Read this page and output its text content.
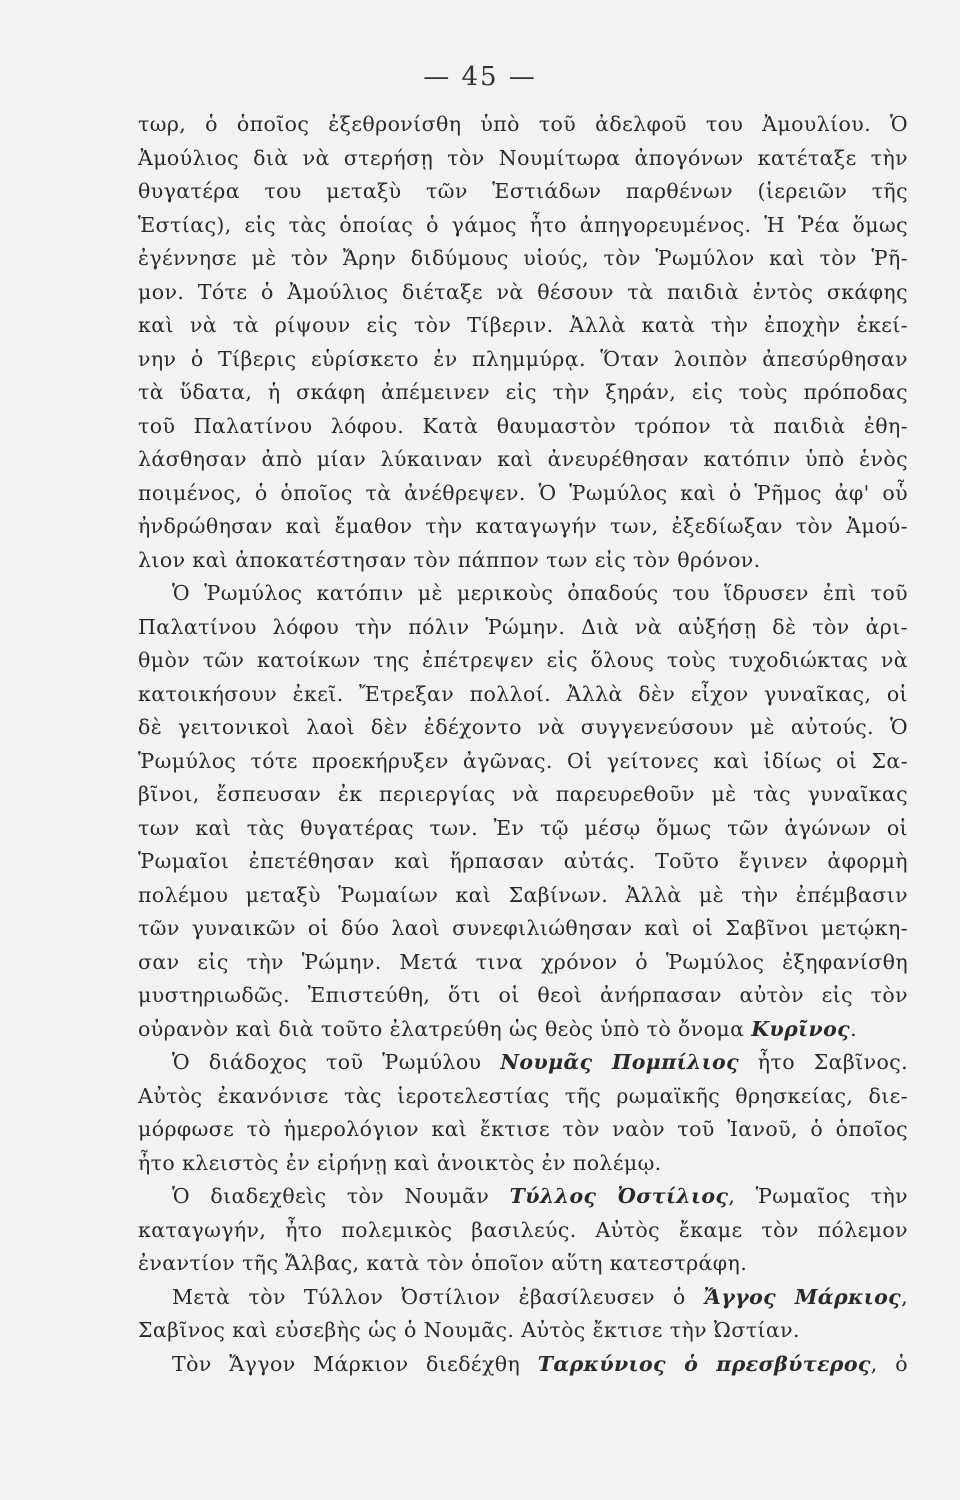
— 45 —
τωρ, ὁ ὁποῖος ἐξεθρονίσθη ὑπὸ τοῦ ἀδελφοῦ του Ἀμουλίου. Ὁ
Ἀμούλιος διὰ νὰ στερήσῃ τὸν Νουμίτωρα ἀπογόνων κατέταξε τὴν
θυγατέρα του μεταξὺ τῶν Ἑστιάδων παρθένων (ἱερειῶν τῆς
Ἑστίας), εἰς τὰς ὁποίας ὁ γάμος ἦτο ἀπηγορευμένος. Ἡ Ῥέα ὅμως
ἐγέννησε μὲ τὸν Ἄρην διδύμους υἱούς, τὸν Ῥωμύλον καὶ τὸν Ῥῆ-
μον. Τότε ὁ Ἀμούλιος διέταξε νὰ θέσουν τὰ παιδιὰ ἐντὸς σκάφης
καὶ νὰ τὰ ρίψουν εἰς τὸν Τίβεριν. Ἀλλὰ κατὰ τὴν ἐποχὴν ἐκεί-
νην ὁ Τίβερις εὑρίσκετο ἐν πλημμύρᾳ. Ὅταν λοιπὸν ἀπεσύρθησαν
τὰ ὕδατα, ἡ σκάφη ἀπέμεινεν εἰς τὴν ξηράν, εἰς τοὺς πρόποδας
τοῦ Παλατίνου λόφου. Κατὰ θαυμαστὸν τρόπον τὰ παιδιὰ ἐθη-
λάσθησαν ἀπὸ μίαν λύκαιναν καὶ ἀνευρέθησαν κατόπιν ὑπὸ ἑνὸς
ποιμένος, ὁ ὁποῖος τὰ ἀνέθρεψεν. Ὁ Ῥωμύλος καὶ ὁ Ῥῆμος ἀφ' οὗ
ἠνδρώθησαν καὶ ἔμαθον τὴν καταγωγήν των, ἐξεδίωξαν τὸν Ἀμού-
λιον καὶ ἀποκατέστησαν τὸν πάππον των εἰς τὸν θρόνον.
Ὁ Ῥωμύλος κατόπιν μὲ μερικοὺς ὀπαδούς του ἵδρυσεν ἐπὶ τοῦ
Παλατίνου λόφου τὴν πόλιν Ῥώμην. Διὰ νὰ αὐξήσῃ δὲ τὸν ἀρι-
θμὸν τῶν κατοίκων της ἐπέτρεψεν εἰς ὅλους τοὺς τυχοδιώκτας νὰ
κατοικήσουν ἐκεῖ. Ἔτρεξαν πολλοί. Ἀλλὰ δὲν εἶχον γυναῖκας, οἱ
δὲ γειτονικοὶ λαοὶ δὲν ἐδέχοντο νὰ συγγενεύσουν μὲ αὐτούς. Ὁ
Ῥωμύλος τότε προεκήρυξεν ἀγῶνας. Οἱ γείτονες καὶ ἰδίως οἱ Σα-
βῖνοι, ἔσπευσαν ἐκ περιεργίας νὰ παρευρεθοῦν μὲ τὰς γυναῖκας
των καὶ τὰς θυγατέρας των. Ἐν τῷ μέσῳ ὅμως τῶν ἀγώνων οἱ
Ῥωμαῖοι ἐπετέθησαν καὶ ἥρπασαν αὐτάς. Τοῦτο ἔγινεν ἀφορμὴ
πολέμου μεταξὺ Ῥωμαίων καὶ Σαβίνων. Ἀλλὰ μὲ τὴν ἐπέμβασιν
τῶν γυναικῶν οἱ δύο λαοὶ συνεφιλιώθησαν καὶ οἱ Σαβῖνοι μετῴκη-
σαν εἰς τὴν Ῥώμην. Μετά τινα χρόνον ὁ Ῥωμύλος ἐξηφανίσθη
μυστηριωδῶς. Ἐπιστεύθη, ὅτι οἱ θεοὶ ἀνήρπασαν αὐτὸν εἰς τὸν
οὐρανὸν καὶ διὰ τοῦτο ἐλατρεύθη ὡς θεὸς ὑπὸ τὸ ὄνομα Κυρῖνος.
Ὁ διάδοχος τοῦ Ῥωμύλου Νουμᾶς Πομπίλιος ἦτο Σαβῖνος.
Αὐτὸς ἐκανόνισε τὰς ἱεροτελεστίας τῆς ρωμαϊκῆς θρησκείας, διε-
μόρφωσε τὸ ἡμερολόγιον καὶ ἔκτισε τὸν ναὸν τοῦ Ἰανοῦ, ὁ ὁποῖος
ἦτο κλειστὸς ἐν εἰρήνῃ καὶ ἀνοικτὸς ἐν πολέμῳ.
Ὁ διαδεχθεὶς τὸν Νουμᾶν Τύλλος Ὀστίλιος, Ῥωμαῖος τὴν
καταγωγήν, ἦτο πολεμικὸς βασιλεύς. Αὐτὸς ἔκαμε τὸν πόλεμον
ἐναντίον τῆς Ἄλβας, κατὰ τὸν ὁποῖον αὕτη κατεστράφη.
Μετὰ τὸν Τύλλον Ὀστίλιον ἐβασίλευσεν ὁ Ἄγγος Μάρκιος,
Σαβῖνος καὶ εὐσεβὴς ὡς ὁ Νουμᾶς. Αὐτὸς ἔκτισε τὴν Ὠστίαν.
Τὸν Ἄγγον Μάρκιον διεδέχθη Ταρκύνιος ὁ πρεσβύτερος, ὁ
